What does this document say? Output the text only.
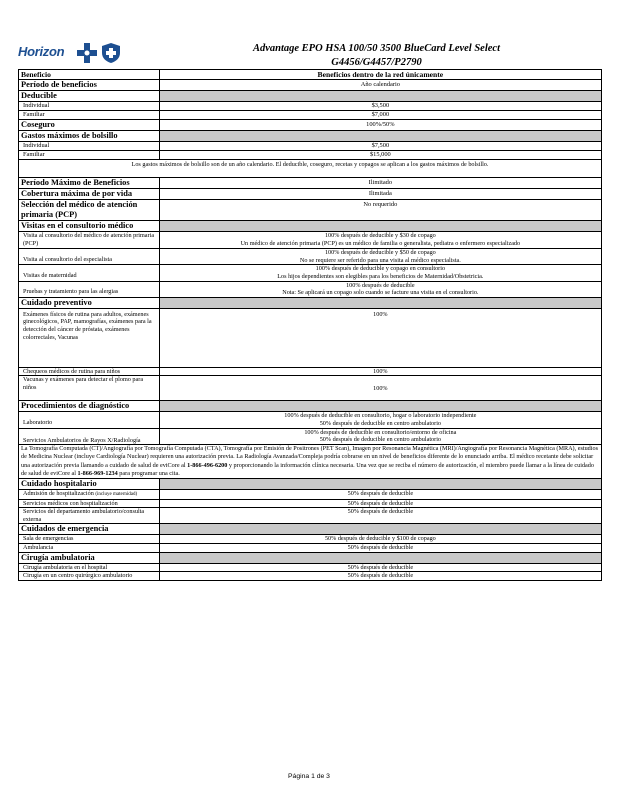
Horizon	Advantage EPO HSA 100/50 3500 BlueCard Level Select
G4456/G4457/P2790
Beneficio	Beneficios dentro de la red únicamente
Período de beneficios	Año calendario
Deducible	
Individual	$3,500
Familiar	$7,000
Coseguro	100%/50%
Gastos máximos de bolsillo	
Individual	$7,500
Familiar	$15,000
Los gastos máximos de bolsillo son de un año calendario. El deducible, coseguro, recetas y copagos se aplican a los gastos máximos de bolsillo.	
Período Máximo de Beneficios	Ilimitado
Cobertura máxima de por vida	Ilimitada
Selección del médico de atención primaria (PCP)	No requerido
Visitas en el consultorio médico	
Visita al consultorio del médico de atención primaria (PCP)	100% después de deducible y $30 de copago
Un médico de atención primaria (PCP) es un médico de familia o generalista, pediatra o enfermero especializado

Visita al consultorio del especialista	100% después de deducible y $50 de copago
No se requiere ser referido para una visita al médico especialista.

Visitas de maternidad	100% después de deducible y copago en consultorio
Los hijos dependientes son elegibles para los beneficios de Maternidad/Obstetricia.

Pruebas y tratamiento para las alergias	100% después de deducible
Nota: Se aplicará un copago solo cuando se facture una visita en el consultorio.

Cuidado preventivo	
Exámenes físicos de rutina para adultos, exámenes ginecológicos, PAP, mamografías, exámenes para la detección del cáncer de próstata, exámenes colorrectales, Vacunas	100%
Chequeos médicos de rutina para niños	100%
Vacunas y exámenes para detectar el plomo para niños	100%
Procedimientos de diagnóstico	
Laboratorio	100% después de deducible en consultorio, hogar o laboratorio independiente
50% después de deducible en centro ambulatorio

Servicios Ambulatorios de Rayos X/Radiología	100% después de deducible en consultorio/entorno de oficina
50% después de deducible en centro ambulatorio

La Tomografía Computada (CT)/Angiografía por Tomografía Computada (CTA), Tomografía por Emisión de Positrones (PET Scan), Imagen por Resonancia Magnética (MRI)/Angiografía por Resonancia Magnética (MRA), estudios de Medicina Nuclear (incluye Cardiología Nuclear) requieren una autorización previa. La Radiología Avanzada/Compleja podría cobrarse en un nivel de beneficios diferente de lo enunciado arriba. El médico recetante debe solicitar una autorización previa llamando a cuidado de salud de eviCore al 1-866-496-6200 y proporcionando la información clínica necesaria. Una vez que se reciba el número de autorización, el miembro puede llamar a la línea de cuidado de salud de eviCore al 1-866-969-1234 para programar una cita.	
Cuidado hospitalario	
Admisión de hospitalización (incluye maternidad)	50% después de deducible
Servicios médicos con hospitalización	50% después de deducible
Servicios del departamento ambulatorio/consulta externa	50% después de deducible
Cuidados de emergencia	
Sala de emergencias	50% después de deducible y $100 de copago
Ambulancia	50% después de deducible
Cirugía ambulatoria	
Cirugía ambulatoria en el hospital	50% después de deducible
Cirugía en un centro quirúrgico ambulatorio	50% después de deducible
Página 1 de 3
